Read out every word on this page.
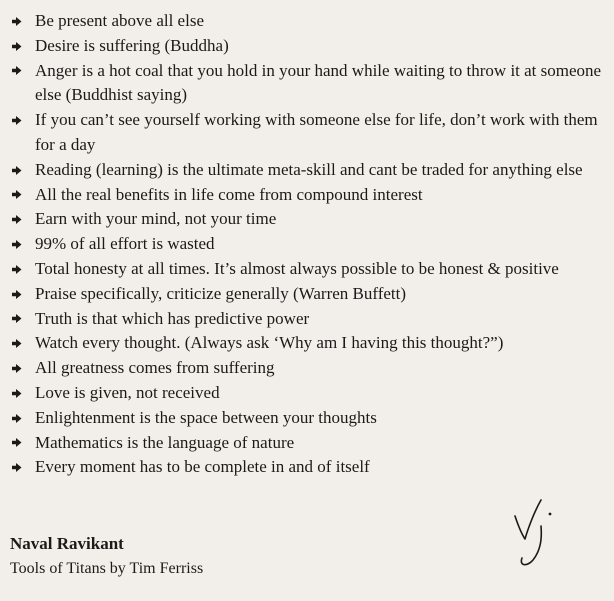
Be present above all else
Desire is suffering (Buddha)
Anger is a hot coal that you hold in your hand while waiting to throw it at someone else (Buddhist saying)
If you can’t see yourself working with someone else for life, don’t work with them for a day
Reading (learning) is the ultimate meta-skill and cant be traded for anything else
All the real benefits in life come from compound interest
Earn with your mind, not your time
99% of all effort is wasted
Total honesty at all times. It’s almost always possible to be honest & positive
Praise specifically, criticize generally (Warren Buffett)
Truth is that which has predictive power
Watch every thought. (Always ask ‘Why am I having this thought?”)
All greatness comes from suffering
Love is given, not received
Enlightenment is the space between your thoughts
Mathematics is the language of nature
Every moment has to be complete in and of itself

Naval Ravikant

Tools of Titans by Tim Ferriss
